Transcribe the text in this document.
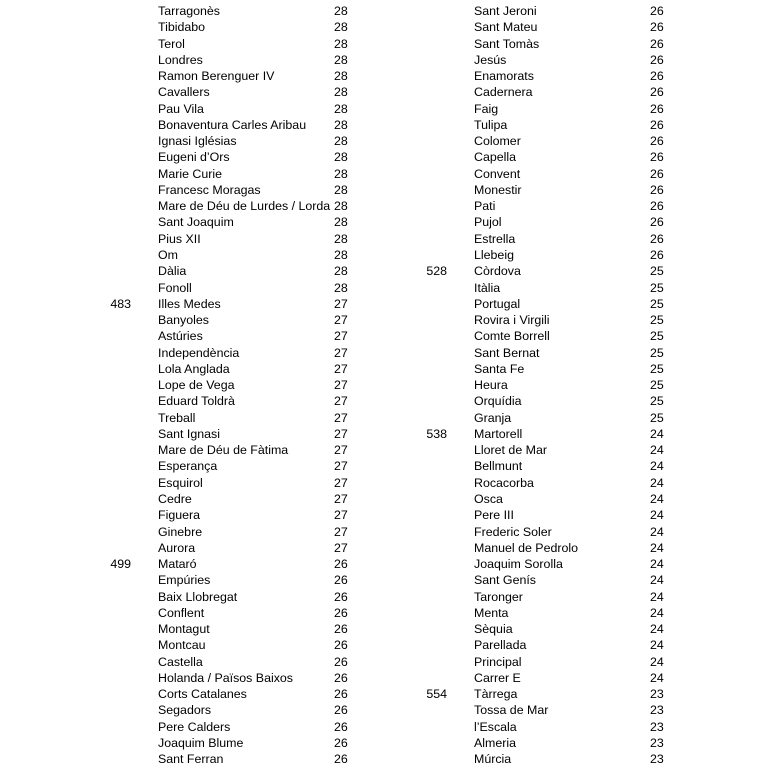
Tarragonès	28
Tibidabo	28
Terol	28
Londres	28
Ramon Berenguer IV	28
Cavallers	28
Pau Vila	28
Bonaventura Carles Aribau 28
Ignasi Iglésias	28
Eugeni d’Ors	28
Marie Curie	28
Francesc Moragas	28
Mare de Déu de Lurdes / Lorda 28
Sant Joaquim	28
Pius XII	28
Om	28
Dàlia	28
Fonoll	28
483 Illes Medes	27
Banyoles	27
Astúries	27
Independència	27
Lola Anglada	27
Lope de Vega	27
Eduard Toldrà	27
Treball	27
Sant Ignasi	27
Mare de Déu de Fàtima	27
Esperança	27
Esquirol	27
Cedre	27
Figuera	27
Ginebre	27
Aurora	27
499 Mataró	26
Empúries	26
Baix Llobregat	26
Conflent	26
Montagut	26
Montcau	26
Castella	26
Holanda / Països Baixos	26
Corts Catalanes	26
Segadors	26
Pere Calders	26
Joaquim Blume	26
Sant Ferran	26
Sant Jeroni	26
Sant Mateu	26
Sant Tomàs	26
Jesús	26
Enamorats	26
Cadernera	26
Faig	26
Tulipa	26
Colomer	26
Capella	26
Convent	26
Monestir	26
Pati	26
Pujol	26
Estrella	26
Llebeig	26
528 Còrdova	25
Itàlia	25
Portugal	25
Rovira i Virgili	25
Comte Borrell	25
Sant Bernat	25
Santa Fe	25
Heura	25
Orquídia	25
Granja	25
538 Martorell	24
Lloret de Mar	24
Bellmunt	24
Rocacorba	24
Osca	24
Pere III	24
Frederic Soler	24
Manuel de Pedrolo	24
Joaquim Sorolla	24
Sant Genís	24
Taronger	24
Menta	24
Sèquia	24
Parellada	24
Principal	24
Carrer E	24
554 Tàrrega	23
Tossa de Mar	23
l’Escala	23
Almeria	23
Múrcia	23
